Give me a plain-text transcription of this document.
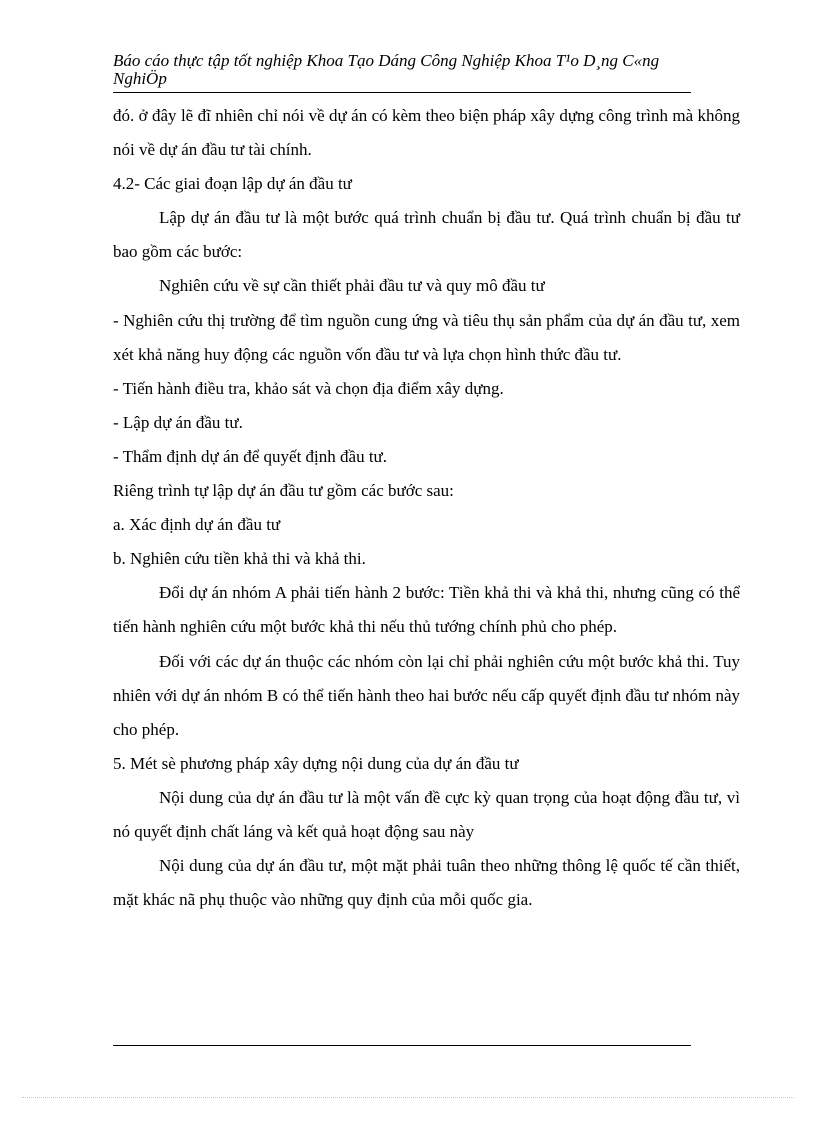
Báo cáo thực tập tốt nghiệp Khoa Tạo Dáng Công Nghiệp Khoa T¹o D¸ng C«ng
NghiÖp

đó. ở đây lẽ đĩ nhiên chỉ nói về dự án có kèm theo biện pháp xây dựng công trình mà không nói về dự án đầu tư tài chính.

4.2- Các giai đoạn lập dự án đầu tư

Lập dự án đầu tư là một bước quá trình chuẩn bị đầu tư. Quá trình chuẩn bị đầu tư bao gồm các bước:

Nghiên cứu về sự cần thiết phải đầu tư và quy mô đầu tư

- Nghiên cứu thị trường để tìm nguồn cung ứng và tiêu thụ sản phẩm của dự án đầu tư, xem xét khả năng huy động các nguồn vốn đầu tư và lựa chọn hình thức đầu tư.

- Tiến hành điều tra, khảo sát và chọn địa điểm xây dựng.

- Lập dự án đầu tư.

- Thẩm định dự án để quyết định đầu tư.

Riêng trình tự lập dự án đầu tư gồm các bước sau:

a. Xác định dự án đầu tư

b. Nghiên cứu tiền khả thi và khả thi.

Đổi dự án nhóm A phải tiến hành 2 bước: Tiền khả thi và khả thi, nhưng cũng có thể tiến hành nghiên cứu một bước khả thi nếu thủ tướng chính phủ cho phép.

Đối với các dự án thuộc các nhóm còn lại chỉ phải nghiên cứu một bước khả thi. Tuy nhiên với dự án nhóm B có thể tiến hành theo hai bước nếu cấp quyết định đầu tư nhóm này cho phép.

5. Mét sè phương pháp xây dựng nội dung của dự án đầu tư

Nội dung của dự án đầu tư là một vấn đề cực kỳ quan trọng của hoạt động đầu tư, vì nó quyết định chất láng và kết quả hoạt động sau này

Nội dung của dự án đầu tư, một mặt phải tuân theo những thông lệ quốc tế cần thiết, mặt khác nã phụ thuộc vào những quy định của mỗi quốc gia.
